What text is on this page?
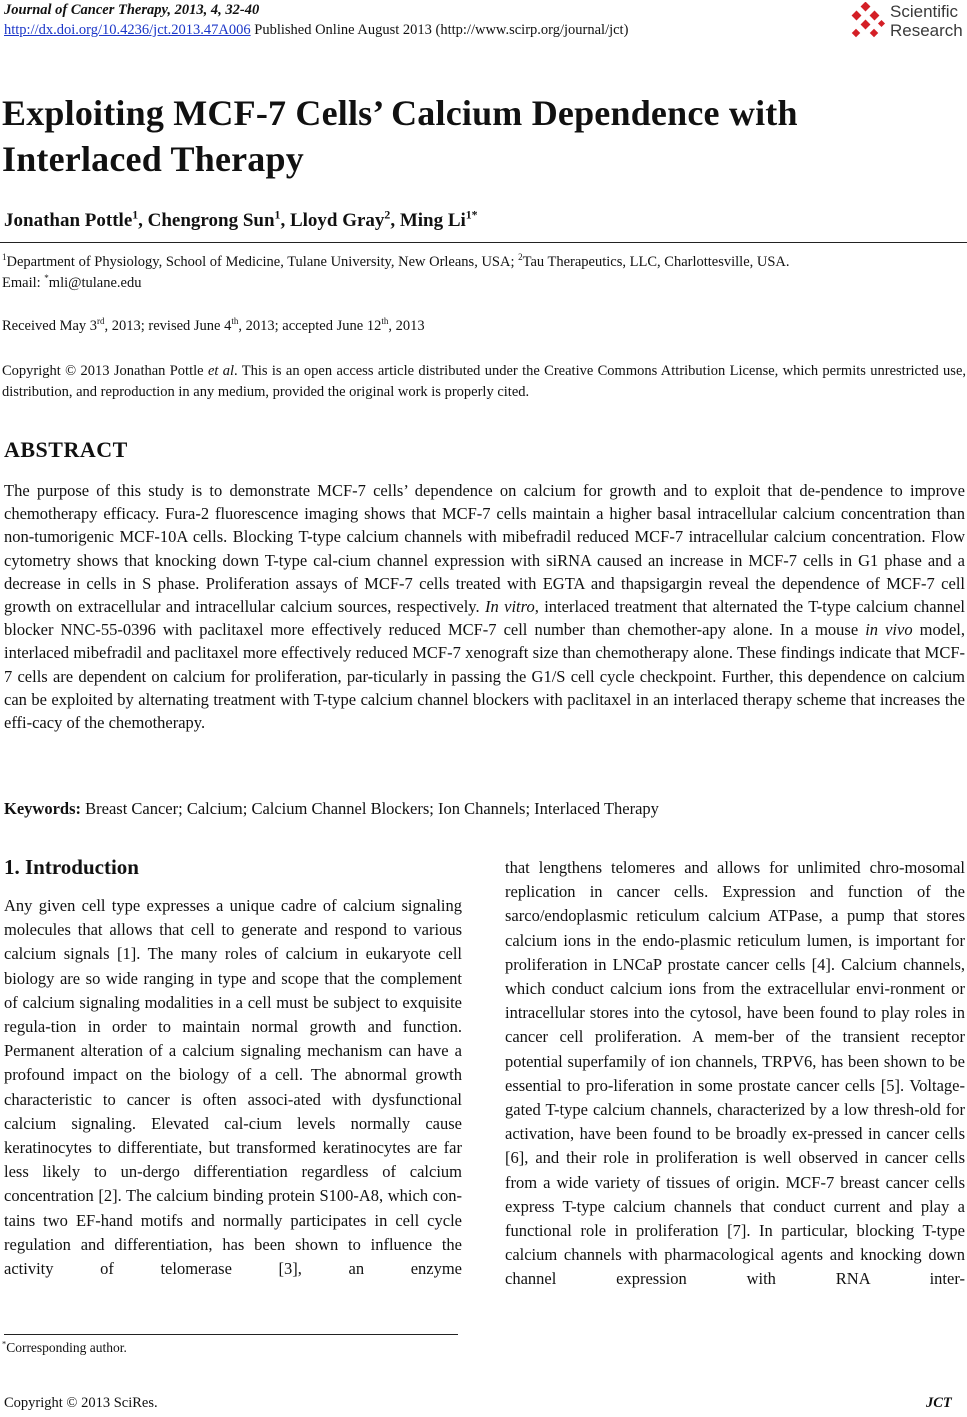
Journal of Cancer Therapy, 2013, 4, 32-40
http://dx.doi.org/10.4236/jct.2013.47A006 Published Online August 2013 (http://www.scirp.org/journal/jct)
Scientific
Research
Exploiting MCF-7 Cells’ Calcium Dependence with Interlaced Therapy
Jonathan Pottle$^1$, Chengrong Sun$^1$, Lloyd Gray$^2$, Ming $Li^{1*}$
$^1$Department of Physiology, School of Medicine, Tulane University, New Orleans, USA; $^2$Tau Therapeutics, LLC, Charlottesville, USA.
Email: *mli@tulane.edu
Received May 3rd, 2013; revised June 4th, 2013; accepted June 12th, 2013
Copyright © 2013 Jonathan Pottle et al. This is an open access article distributed under the Creative Commons Attribution License, which permits unrestricted use, distribution, and reproduction in any medium, provided the original work is properly cited.
ABSTRACT
The purpose of this study is to demonstrate MCF-7 cells’ dependence on calcium for growth and to exploit that de-pendence to improve chemotherapy efficacy. Fura-2 fluorescence imaging shows that MCF-7 cells maintain a higher basal intracellular calcium concentration than non-tumorigenic MCF-10A cells. Blocking T-type calcium channels with mibefradil reduced MCF-7 intracellular calcium concentration. Flow cytometry shows that knocking down T-type cal-cium channel expression with siRNA caused an increase in MCF-7 cells in G1 phase and a decrease in cells in S phase. Proliferation assays of MCF-7 cells treated with EGTA and thapsigargin reveal the dependence of MCF-7 cell growth on extracellular and intracellular calcium sources, respectively. In vitro, interlaced treatment that alternated the T-type calcium channel blocker NNC-55-0396 with paclitaxel more effectively reduced MCF-7 cell number than chemother-apy alone. In a mouse in vivo model, interlaced mibefradil and paclitaxel more effectively reduced MCF-7 xenograft size than chemotherapy alone. These findings indicate that MCF-7 cells are dependent on calcium for proliferation, par-ticularly in passing the G1/S cell cycle checkpoint. Further, this dependence on calcium can be exploited by alternating treatment with T-type calcium channel blockers with paclitaxel in an interlaced therapy scheme that increases the effi-cacy of the chemotherapy.
Keywords: Breast Cancer; Calcium; Calcium Channel Blockers; Ion Channels; Interlaced Therapy
1. Introduction
Any given cell type expresses a unique cadre of calcium signaling molecules that allows that cell to generate and respond to various calcium signals [1]. The many roles of calcium in eukaryote cell biology are so wide ranging in type and scope that the complement of calcium signaling modalities in a cell must be subject to exquisite regula-tion in order to maintain normal growth and function. Permanent alteration of a calcium signaling mechanism can have a profound impact on the biology of a cell. The abnormal growth characteristic to cancer is often associ-ated with dysfunctional calcium signaling. Elevated cal-cium levels normally cause keratinocytes to differentiate, but transformed keratinocytes are far less likely to un-dergo differentiation regardless of calcium concentration [2]. The calcium binding protein S100-A8, which con-tains two EF-hand motifs and normally participates in cell cycle regulation and differentiation, has been shown to influence the activity of telomerase [3], an enzyme
that lengthens telomeres and allows for unlimited chro-mosomal replication in cancer cells. Expression and function of the sarco/endoplasmic reticulum calcium ATPase, a pump that stores calcium ions in the endo-plasmic reticulum lumen, is important for proliferation in LNCaP prostate cancer cells [4]. Calcium channels, which conduct calcium ions from the extracellular envi-ronment or intracellular stores into the cytosol, have been found to play roles in cancer cell proliferation. A mem-ber of the transient receptor potential superfamily of ion channels, TRPV6, has been shown to be essential to pro-liferation in some prostate cancer cells [5]. Voltage-gated T-type calcium channels, characterized by a low thresh-old for activation, have been found to be broadly ex-pressed in cancer cells [6], and their role in proliferation is well observed in cancer cells from a wide variety of tissues of origin. MCF-7 breast cancer cells express T-type calcium channels that conduct current and play a functional role in proliferation [7]. In particular, blocking T-type calcium channels with pharmacological agents and knocking down channel expression with RNA inter-
*Corresponding author.
Copyright © 2013 SciRes.	JCT
